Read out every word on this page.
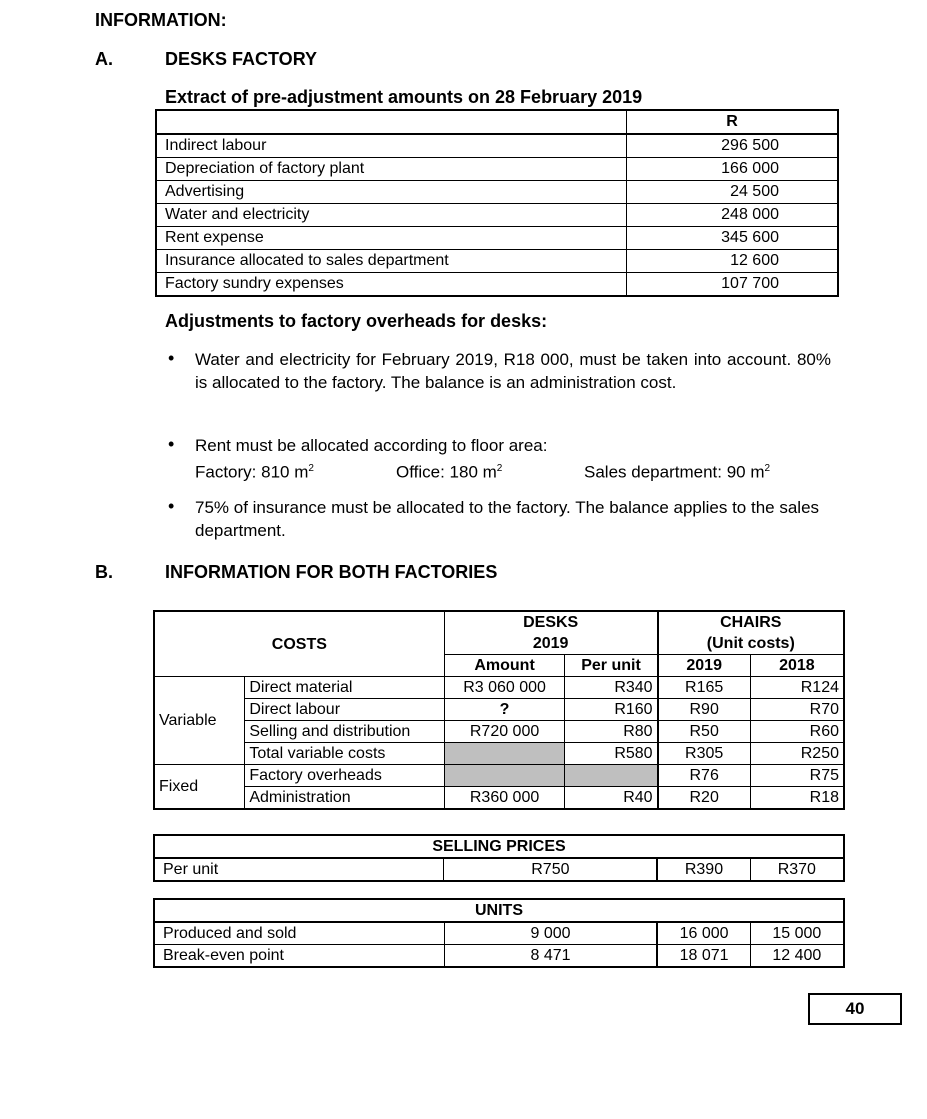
INFORMATION:
A.	DESKS FACTORY
Extract of pre-adjustment amounts on 28 February 2019
	R
Indirect labour	296 500
Depreciation of factory plant	166 000
Advertising	24 500
Water and electricity	248 000
Rent expense	345 600
Insurance allocated to sales department	12 600
Factory sundry expenses	107 700
Adjustments to factory overheads for desks:
• Water and electricity for February 2019, R18 000, must be taken into account. 80% is allocated to the factory. The balance is an administration cost.
• Rent must be allocated according to floor area:
Factory: 810 $m^2$	Office: 180 $m^2$	Sales department: 90 $m^2$
• 75% of insurance must be allocated to the factory. The balance applies to the sales department.
B.	INFORMATION FOR BOTH FACTORIES
COSTS		DESKS		CHAIRS	
		2019		(Unit costs)	
		Amount	Per unit	2019	2018
Variable	Direct material	R3 060 000	R340	R165	R124
	Direct labour	?	R160	R90	R70
	Selling and distribution	R720 000	R80	R50	R60
	Total variable costs		R580	R305	R250
Fixed	Factory overheads			R76	R75
	Administration	R360 000	R40	R20	R18
SELLING PRICES
Per unit	R750	R390	R370
UNITS			
Produced and sold	9 000	16 000	15 000
Break-even point	8 471	18 071	12 400
40
